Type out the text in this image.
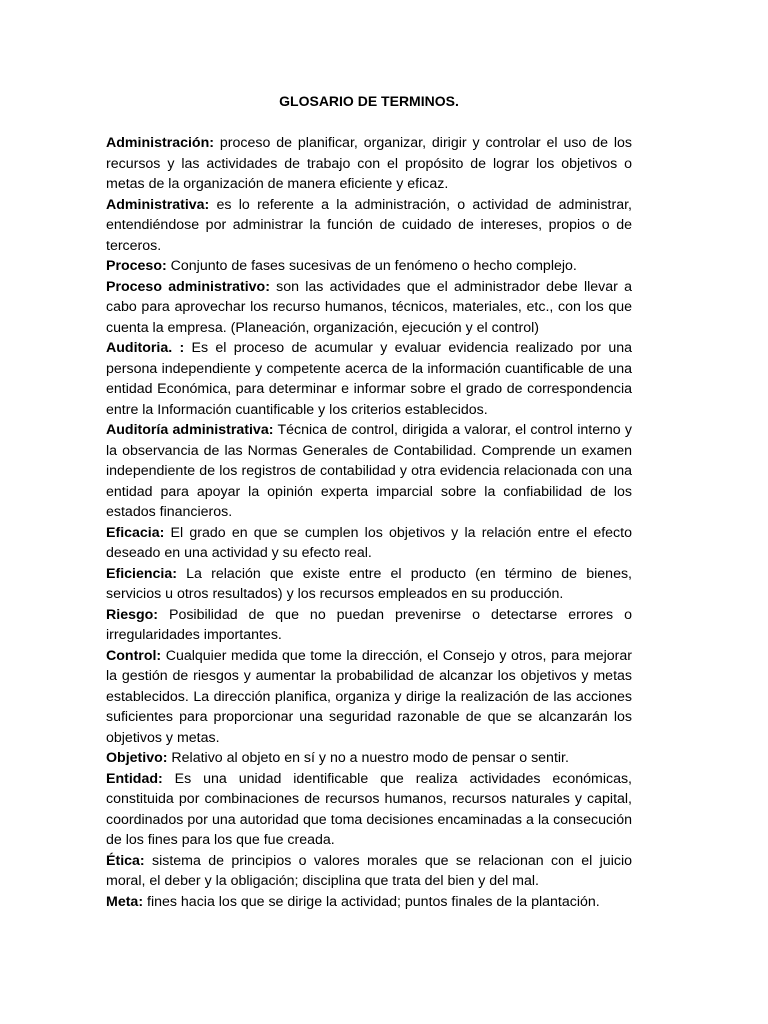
GLOSARIO DE TERMINOS.

Administración: proceso de planificar, organizar, dirigir y controlar el uso de los recursos y las actividades de trabajo con el propósito de lograr los objetivos o metas de la organización de manera eficiente y eficaz.

Administrativa: es lo referente a la administración, o actividad de administrar, entendiéndose por administrar la función de cuidado de intereses, propios o de terceros.

Proceso: Conjunto de fases sucesivas de un fenómeno o hecho complejo.

Proceso administrativo: son las actividades que el administrador debe llevar a cabo para aprovechar los recurso humanos, técnicos, materiales, etc., con los que cuenta la empresa. (Planeación, organización, ejecución y el control)

Auditoria. : Es el proceso de acumular y evaluar evidencia realizado por una persona independiente y competente acerca de la información cuantificable de una entidad Económica, para determinar e informar sobre el grado de correspondencia entre la Información cuantificable y los criterios establecidos.

Auditoría administrativa: Técnica de control, dirigida a valorar, el control interno y la observancia de las Normas Generales de Contabilidad. Comprende un examen independiente de los registros de contabilidad y otra evidencia relacionada con una entidad para apoyar la opinión experta imparcial sobre la confiabilidad de los estados financieros.

Eficacia: El grado en que se cumplen los objetivos y la relación entre el efecto deseado en una actividad y su efecto real.

Eficiencia: La relación que existe entre el producto (en término de bienes, servicios u otros resultados) y los recursos empleados en su producción.

Riesgo: Posibilidad de que no puedan prevenirse o detectarse errores o irregularidades importantes.

Control: Cualquier medida que tome la dirección, el Consejo y otros, para mejorar la gestión de riesgos y aumentar la probabilidad de alcanzar los objetivos y metas establecidos. La dirección planifica, organiza y dirige la realización de las acciones suficientes para proporcionar una seguridad razonable de que se alcanzarán los objetivos y metas.

Objetivo: Relativo al objeto en sí y no a nuestro modo de pensar o sentir.

Entidad: Es una unidad identificable que realiza actividades económicas, constituida por combinaciones de recursos humanos, recursos naturales y capital, coordinados por una autoridad que toma decisiones encaminadas a la consecución de los fines para los que fue creada.

Ética: sistema de principios o valores morales que se relacionan con el juicio moral, el deber y la obligación; disciplina que trata del bien y del mal.

Meta: fines hacia los que se dirige la actividad; puntos finales de la plantación.
